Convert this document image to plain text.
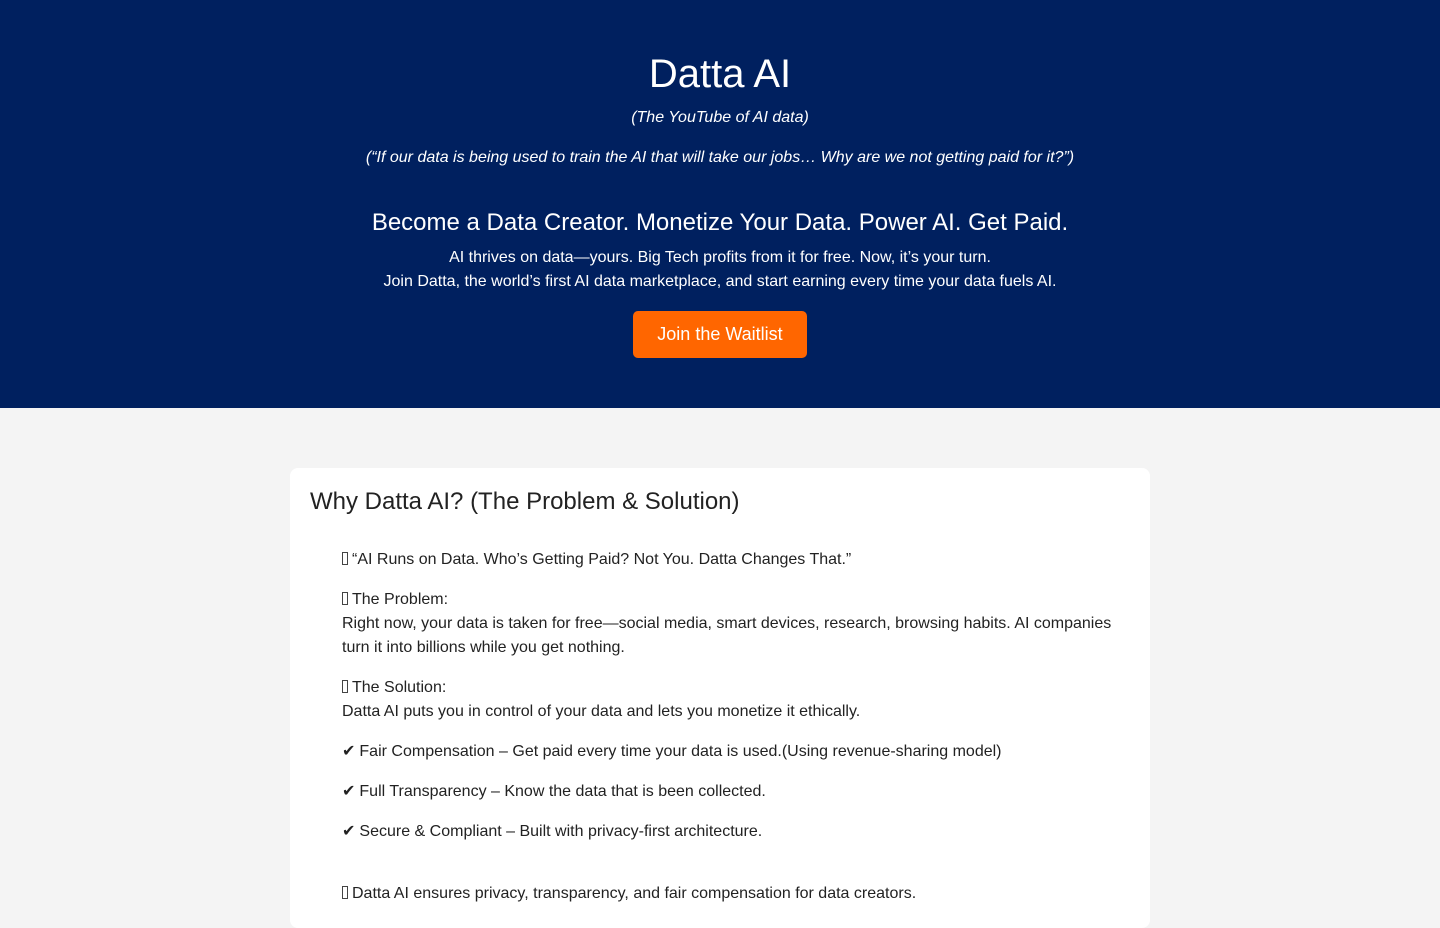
Datta AI

(The YouTube of AI data)

(“If our data is being used to train the AI that will take our jobs… Why are we not getting paid for it?”)

Become a Data Creator. Monetize Your Data. Power AI. Get Paid.

AI thrives on data—yours. Big Tech profits from it for free. Now, it’s your turn.
Join Datta, the world’s first AI data marketplace, and start earning every time your data fuels AI.

Join the Waitlist
Why Datta AI? (The Problem & Solution)
“AI Runs on Data. Who’s Getting Paid? Not You. Datta Changes That.”
The Problem:
Right now, your data is taken for free—social media, smart devices, research, browsing habits. AI companies turn it into billions while you get nothing.
The Solution:
Datta AI puts you in control of your data and lets you monetize it ethically.
✔ Fair Compensation – Get paid every time your data is used.(Using revenue-sharing model)
✔ Full Transparency – Know the data that is been collected.
✔ Secure & Compliant – Built with privacy-first architecture.
Datta AI ensures privacy, transparency, and fair compensation for data creators.
